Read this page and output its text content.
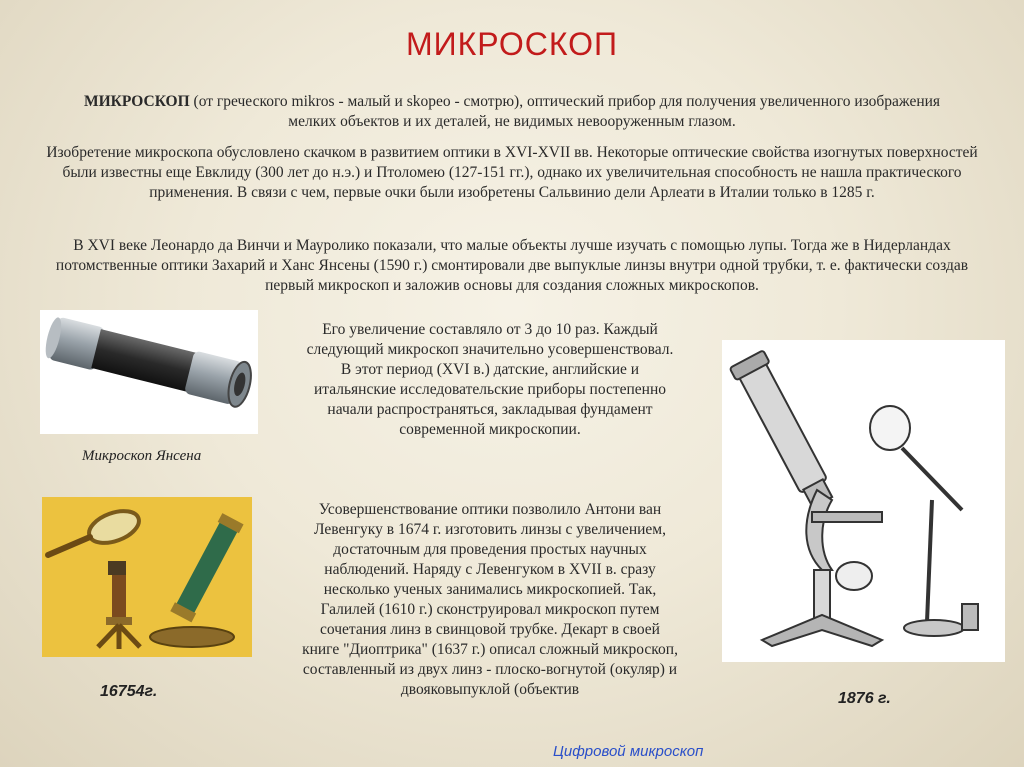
МИКРОСКОП
МИКРОСКОП (от греческого mikros - малый и skopeo - смотрю), оптический прибор для получения увеличенного изображения мелких объектов и их деталей, не видимых невооруженным глазом.
Изобретение микроскопа обусловлено скачком в развитием оптики в XVI-XVII вв. Некоторые оптические свойства изогнутых поверхностей были известны еще Евклиду (300 лет до н.э.) и Птоломею (127-151 гг.), однако их увеличительная способность не нашла практического применения. В связи с чем, первые очки были изобретены Сальвинио дели Арлеати в Италии только в 1285 г.
В XVI веке Леонардо да Винчи и Мауролико показали, что малые объекты лучше изучать с помощью лупы. Тогда же в Нидерландах потомственные оптики Захарий и Ханс Янсены (1590 г.) смонтировали две выпуклые линзы внутри одной трубки, т. е. фактически создав первый микроскоп и заложив основы для создания сложных микроскопов.
Его увеличение составляло от 3 до 10 раз. Каждый следующий микроскоп значительно усовершенствовал. В этот период (XVI в.) датские, английские и итальянские исследовательские приборы постепенно начали распространяться, закладывая фундамент современной микроскопии.
Усовершенствование оптики позволило Антони ван Левенгуку в 1674 г. изготовить линзы с увеличением, достаточным для проведения простых научных наблюдений. Наряду с Левенгуком в XVII в. сразу несколько ученых занимались микроскопией. Так, Галилей (1610 г.) сконструировал микроскоп путем сочетания линз в свинцовой трубке. Декарт в своей книге "Диоптрика" (1637 г.) описал сложный микроскоп, составленный из двух линз - плоско-вогнутой (окуляр) и двояковыпуклой (объектив
Микроскоп Янсена
16754г.	1876 г.
Цифровой микроскоп
